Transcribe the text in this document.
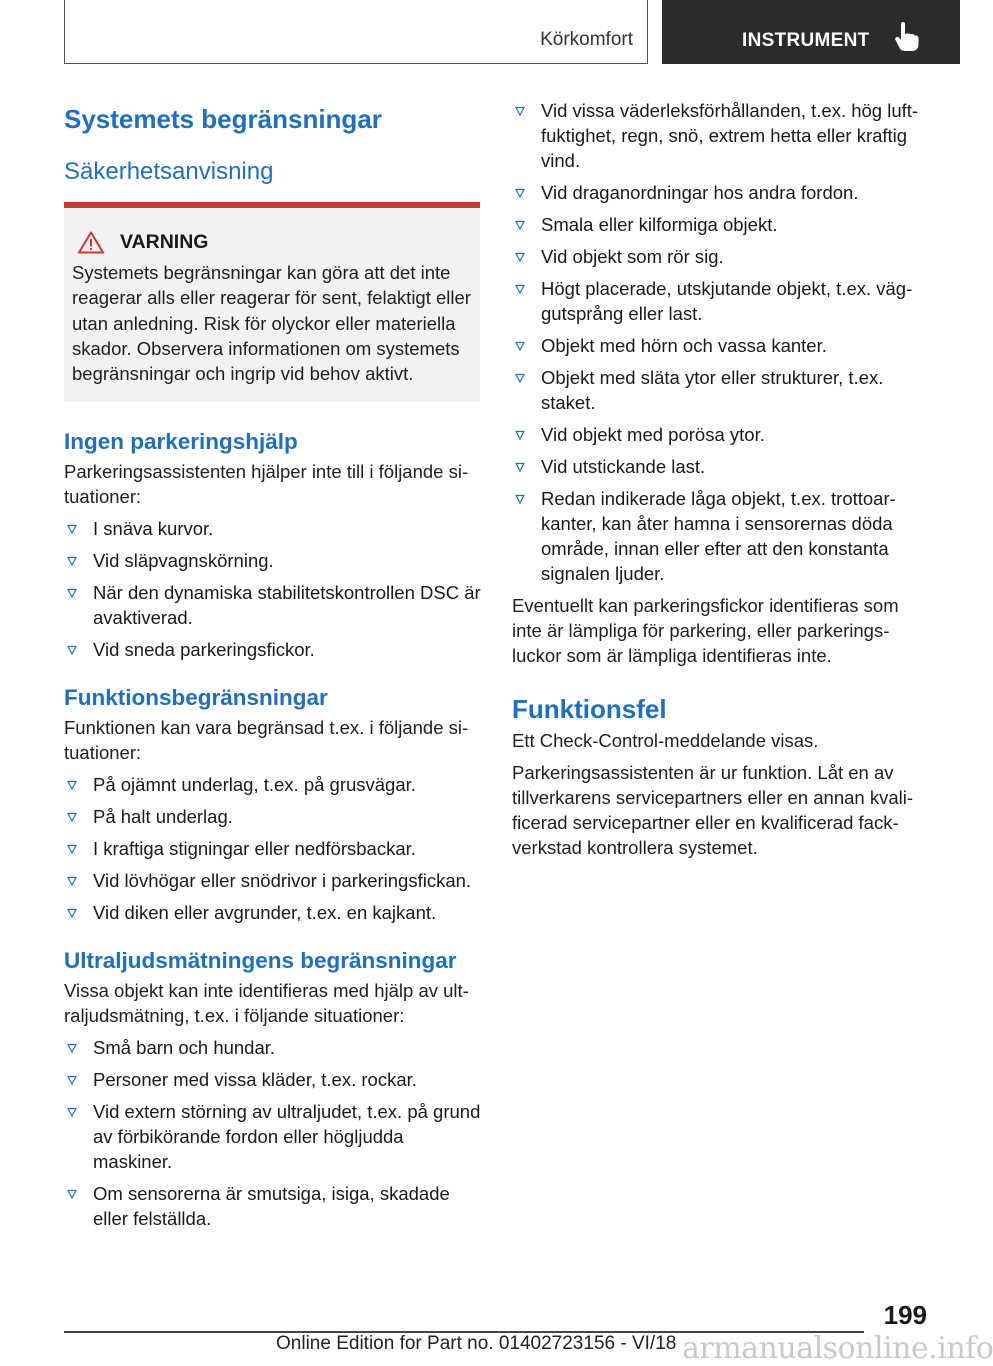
Körkomfort	INSTRUMENT
Systemets begränsningar
Säkerhetsanvisning
VARNING

Systemets begränsningar kan göra att det inte reagerar alls eller reagerar för sent, felaktigt eller utan anledning. Risk för olyckor eller materiella skador. Observera informationen om systemets begränsningar och ingrip vid behov aktivt.

Ingen parkeringshjälp

Parkeringsassistenten hjälper inte till i följande situationer:

I snäva kurvor.
Vid släpvagnskörning.
När den dynamiska stabilitetskontrollen DSC är avaktiverad.
Vid sneda parkeringsfickor.
Funktionsbegränsningar

Funktionen kan vara begränsad t.ex. i följande situationer:

På ojämnt underlag, t.ex. på grusvägar.
På halt underlag.
I kraftiga stigningar eller nedförsbackar.
Vid lövhögar eller snödrivor i parkeringsfickan.
Vid diken eller avgrunder, t.ex. en kajkant.
Ultraljudsmätningens begränsningar

Vissa objekt kan inte identifieras med hjälp av ultraljudsmätning, t.ex. i följande situationer:

Små barn och hundar.
Personer med vissa kläder, t.ex. rockar.
Vid extern störning av ultraljudet, t.ex. på grund av förbikörande fordon eller högljudda maskiner.
Om sensorerna är smutsiga, isiga, skadade eller felställda.
Vid vissa väderleksförhållanden, t.ex. hög luftfuktighet, regn, snö, extrem hetta eller kraftig vind.
Vid draganordningar hos andra fordon.
Smala eller kilformiga objekt.
Vid objekt som rör sig.
Högt placerade, utskjutande objekt, t.ex. väggutsprång eller last.
Objekt med hörn och vassa kanter.
Objekt med släta ytor eller strukturer, t.ex. staket.
Vid objekt med porösa ytor.
Vid utstickande last.
Redan indikerade låga objekt, t.ex. trottoarkanter, kan åter hamna i sensorernas döda område, innan eller efter att den konstanta signalen ljuder.

Eventuellt kan parkeringsfickor identifieras som inte är lämpliga för parkering, eller parkeringsluckor som är lämpliga identifieras inte.

Funktionsfel

Ett Check-Control-meddelande visas.

Parkeringsassistenten är ur funktion. Låt en av tillverkarens servicepartners eller en annan kvalificerad servicepartner eller en kvalificerad fackverkstad kontrollera systemet.

199
Online Edition for Part no. 01402723156 - VI/18 armanualsonline.info
